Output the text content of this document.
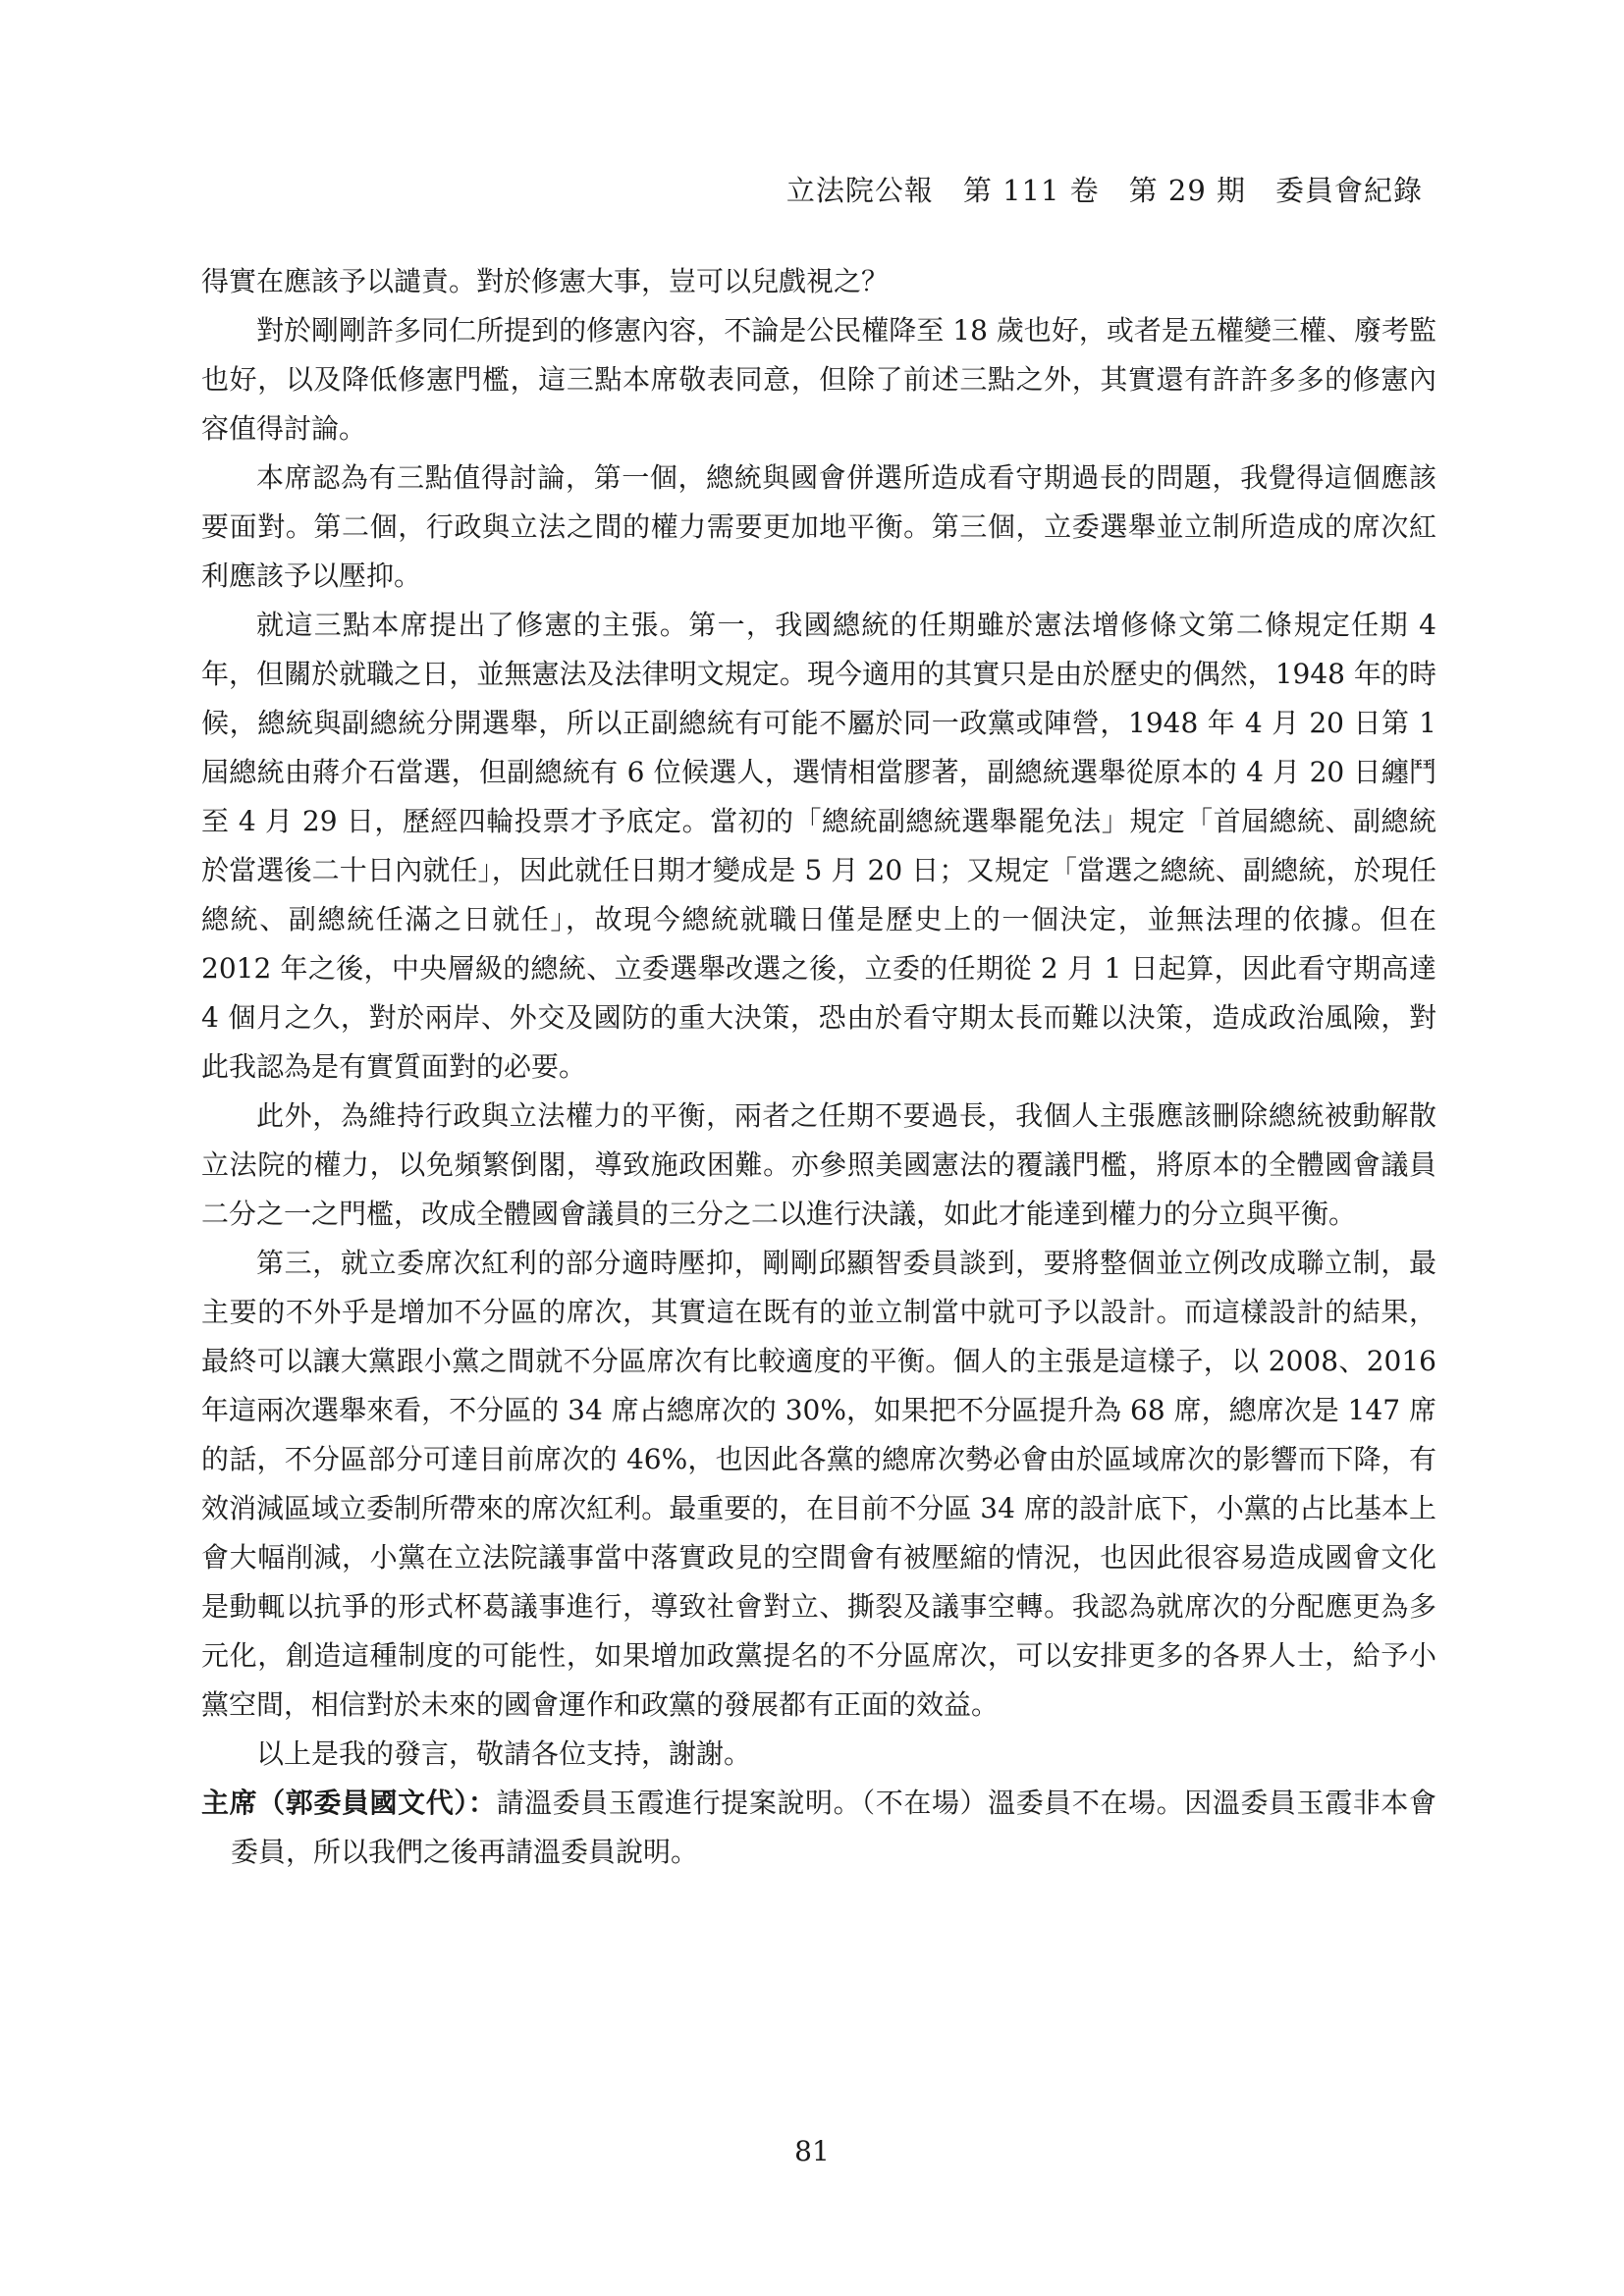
立法院公報　第 111 卷　第 29 期　委員會紀錄

得實在應該予以譴責。對於修憲大事，豈可以兒戲視之？

對於剛剛許多同仁所提到的修憲內容，不論是公民權降至 18 歲也好，或者是五權變三權、廢考監也好，以及降低修憲門檻，這三點本席敬表同意，但除了前述三點之外，其實還有許許多多的修憲內容值得討論。

本席認為有三點值得討論，第一個，總統與國會併選所造成看守期過長的問題，我覺得這個應該要面對。第二個，行政與立法之間的權力需要更加地平衡。第三個，立委選舉並立制所造成的席次紅利應該予以壓抑。

就這三點本席提出了修憲的主張。第一，我國總統的任期雖於憲法增修條文第二條規定任期 4 年，但關於就職之日，並無憲法及法律明文規定。現今適用的其實只是由於歷史的偶然，1948 年的時候，總統與副總統分開選舉，所以正副總統有可能不屬於同一政黨或陣營，1948 年 4 月 20 日第 1 屆總統由蔣介石當選，但副總統有 6 位候選人，選情相當膠著，副總統選舉從原本的 4 月 20 日纏鬥至 4 月 29 日，歷經四輪投票才予底定。當初的「總統副總統選舉罷免法」規定「首屆總統、副總統於當選後二十日內就任」，因此就任日期才變成是 5 月 20 日；又規定「當選之總統、副總統，於現任總統、副總統任滿之日就任」，故現今總統就職日僅是歷史上的一個決定，並無法理的依據。但在 2012 年之後，中央層級的總統、立委選舉改選之後，立委的任期從 2 月 1 日起算，因此看守期高達 4 個月之久，對於兩岸、外交及國防的重大決策，恐由於看守期太長而難以決策，造成政治風險，對此我認為是有實質面對的必要。

此外，為維持行政與立法權力的平衡，兩者之任期不要過長，我個人主張應該刪除總統被動解散立法院的權力，以免頻繁倒閣，導致施政困難。亦參照美國憲法的覆議門檻，將原本的全體國會議員二分之一之門檻，改成全體國會議員的三分之二以進行決議，如此才能達到權力的分立與平衡。

第三，就立委席次紅利的部分適時壓抑，剛剛邱顯智委員談到，要將整個並立例改成聯立制，最主要的不外乎是增加不分區的席次，其實這在既有的並立制當中就可予以設計。而這樣設計的結果，最終可以讓大黨跟小黨之間就不分區席次有比較適度的平衡。個人的主張是這樣子，以 2008、2016 年這兩次選舉來看，不分區的 34 席占總席次的 30%，如果把不分區提升為 68 席，總席次是 147 席的話，不分區部分可達目前席次的 46%，也因此各黨的總席次勢必會由於區域席次的影響而下降，有效消減區域立委制所帶來的席次紅利。最重要的，在目前不分區 34 席的設計底下，小黨的占比基本上會大幅削減，小黨在立法院議事當中落實政見的空間會有被壓縮的情況，也因此很容易造成國會文化是動輒以抗爭的形式杯葛議事進行，導致社會對立、撕裂及議事空轉。我認為就席次的分配應更為多元化，創造這種制度的可能性，如果增加政黨提名的不分區席次，可以安排更多的各界人士，給予小黨空間，相信對於未來的國會運作和政黨的發展都有正面的效益。

以上是我的發言，敬請各位支持，謝謝。

主席（郭委員國文代）：請溫委員玉霞進行提案說明。（不在場）溫委員不在場。因溫委員玉霞非本會委員，所以我們之後再請溫委員說明。

81
